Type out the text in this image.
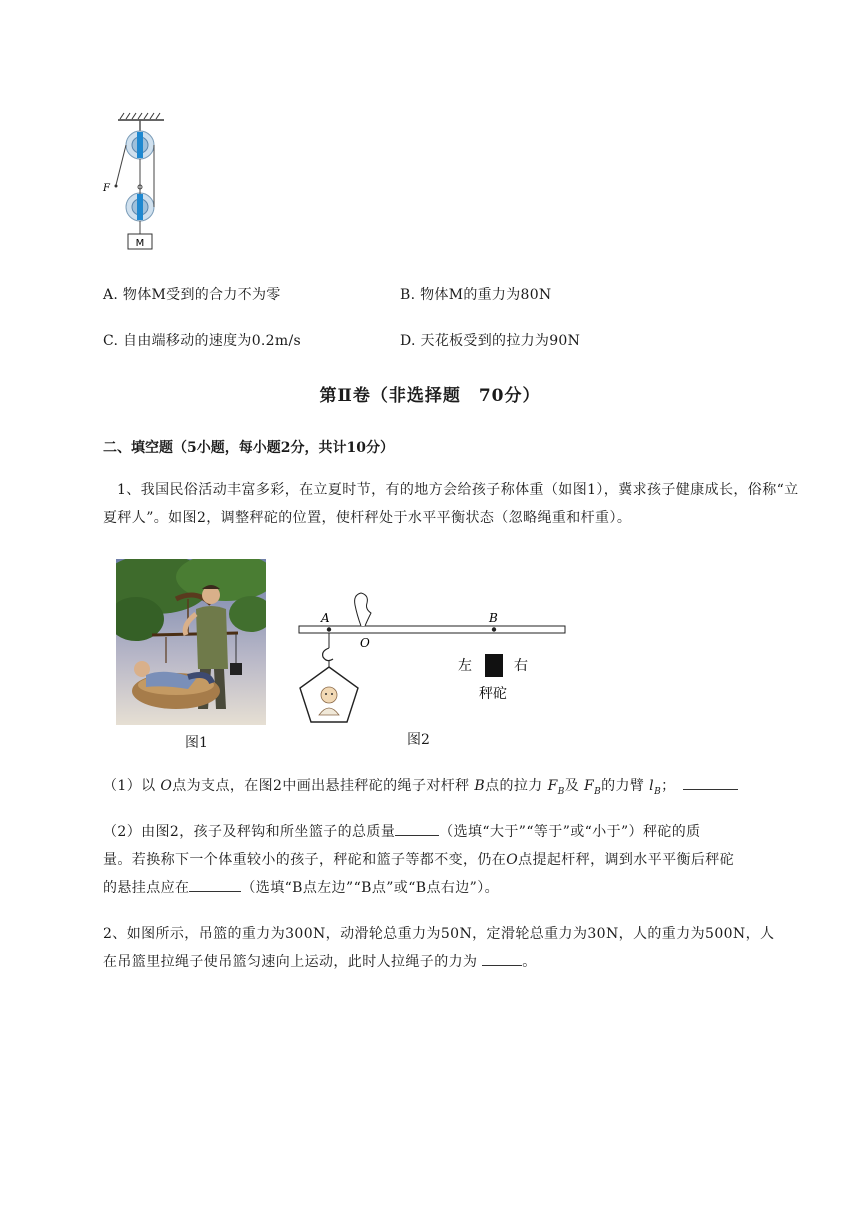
M
F
A. 物体M受到的合力不为零	B. 物体M的重力为80N
C. 自由端移动的速度为0.2m/s	D. 天花板受到的拉力为90N
第Ⅱ卷（非选择题　70分）
二、填空题（5小题，每小题2分，共计10分）
1、我国民俗活动丰富多彩，在立夏时节，有的地方会给孩子称体重（如图1），冀求孩子健康成长，俗称“立夏秤人”。如图2，调整秤砣的位置，使杆秤处于水平平衡状态（忽略绳重和杆重）。
图1
A
O
B
左	右
秤砣
图2
（1）以 O点为支点，在图2中画出悬挂秤砣的绳子对杆秤 B点的拉力 $F_B$及 $F_B$的力臂 $l_B$；
（2）由图2，孩子及秤钩和所坐篮子的总质量	（选填“大于”“等于”或“小于”）秤砣的质
量。若换称下一个体重较小的孩子，秤砣和篮子等都不变，仍在O点提起杆秤，调到水平平衡后秤砣
的悬挂点应在	（选填“B点左边”“B点”或“B点右边”）。
2、如图所示，吊篮的重力为300N，动滑轮总重力为50N，定滑轮总重力为30N，人的重力为500N，人
在吊篮里拉绳子使吊篮匀速向上运动，此时人拉绳子的力为	。
